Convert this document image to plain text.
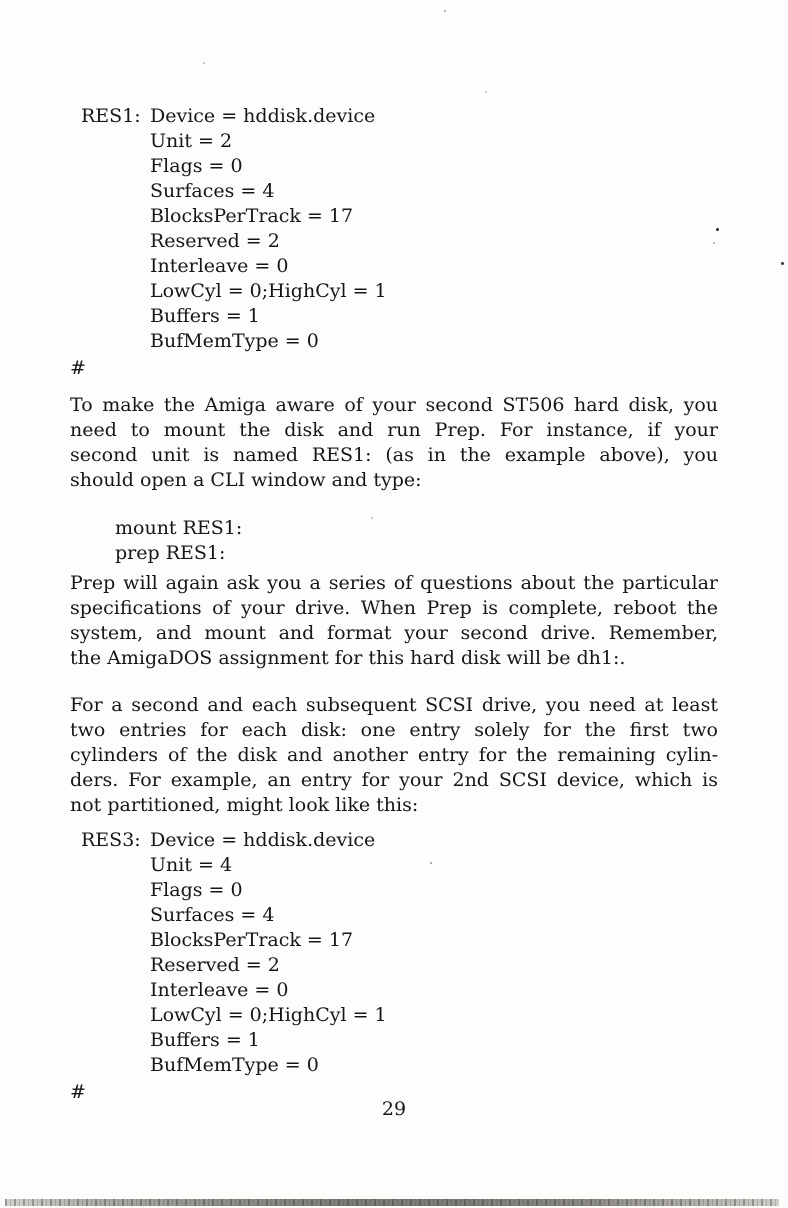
RES1: Device = hddisk.device
Unit = 2
Flags = 0
Surfaces = 4
BlocksPerTrack = 17
Reserved = 2
Interleave = 0
LowCyl = 0;HighCyl = 1
Buffers = 1
BufMemType = 0
#
To make the Amiga aware of your second ST506 hard disk, you
need to mount the disk and run Prep. For instance, if your
second unit is named RES1: (as in the example above), you
should open a CLI window and type:
mount RES1:
prep RES1:
Prep will again ask you a series of questions about the particular
specifications of your drive. When Prep is complete, reboot the
system, and mount and format your second drive. Remember,
the AmigaDOS assignment for this hard disk will be dh1:.
For a second and each subsequent SCSI drive, you need at least
two entries for each disk: one entry solely for the first two
cylinders of the disk and another entry for the remaining cylin-
ders. For example, an entry for your 2nd SCSI device, which is
not partitioned, might look like this:
RES3: Device = hddisk.device
Unit = 4
Flags = 0
Surfaces = 4
BlocksPerTrack = 17
Reserved = 2
Interleave = 0
LowCyl = 0;HighCyl = 1
Buffers = 1
BufMemType = 0
#
29
